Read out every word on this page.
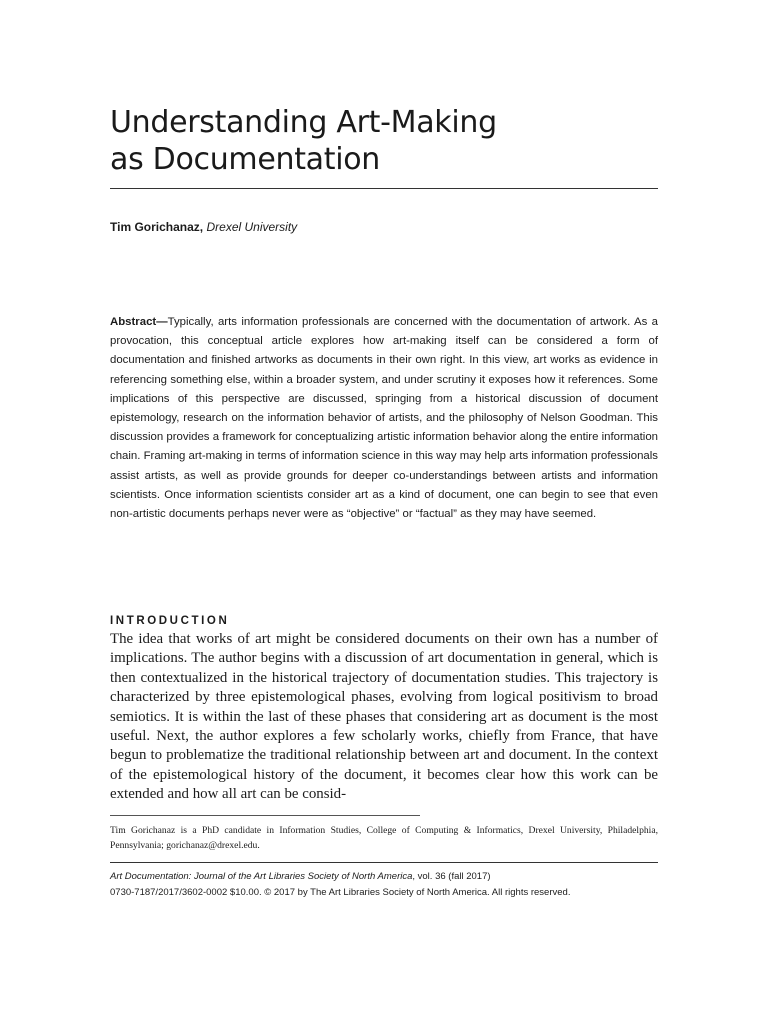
Understanding Art-Making
as Documentation
Tim Gorichanaz, Drexel University

Abstract—Typically, arts information professionals are concerned with the documentation of artwork. As a provocation, this conceptual article explores how art-making itself can be considered a form of documentation and finished artworks as documents in their own right. In this view, art works as evidence in referencing something else, within a broader system, and under scrutiny it exposes how it references. Some implications of this perspective are discussed, springing from a historical discussion of document epistemology, research on the information behavior of artists, and the philosophy of Nelson Goodman. This discussion provides a framework for conceptualizing artistic information behavior along the entire information chain. Framing art-making in terms of information science in this way may help arts information professionals assist artists, as well as provide grounds for deeper co-understandings between artists and information scientists. Once information scientists consider art as a kind of document, one can begin to see that even non-artistic documents perhaps never were as “objective” or “factual” as they may have seemed.

INTRODUCTION

The idea that works of art might be considered documents on their own has a number of implications. The author begins with a discussion of art documentation in general, which is then contextualized in the historical trajectory of documentation studies. This trajectory is characterized by three epistemological phases, evolving from logical positivism to broad semiotics. It is within the last of these phases that considering art as document is the most useful. Next, the author explores a few scholarly works, chiefly from France, that have begun to problematize the traditional relationship between art and document. In the context of the epistemological history of the document, it becomes clear how this work can be extended and how all art can be consid-

Tim Gorichanaz is a PhD candidate in Information Studies, College of Computing & Informatics, Drexel University, Philadelphia, Pennsylvania; gorichanaz@drexel.edu.

Art Documentation: Journal of the Art Libraries Society of North America, vol. 36 (fall 2017)
0730-7187/2017/3602-0002 $10.00. © 2017 by The Art Libraries Society of North America. All rights reserved.
